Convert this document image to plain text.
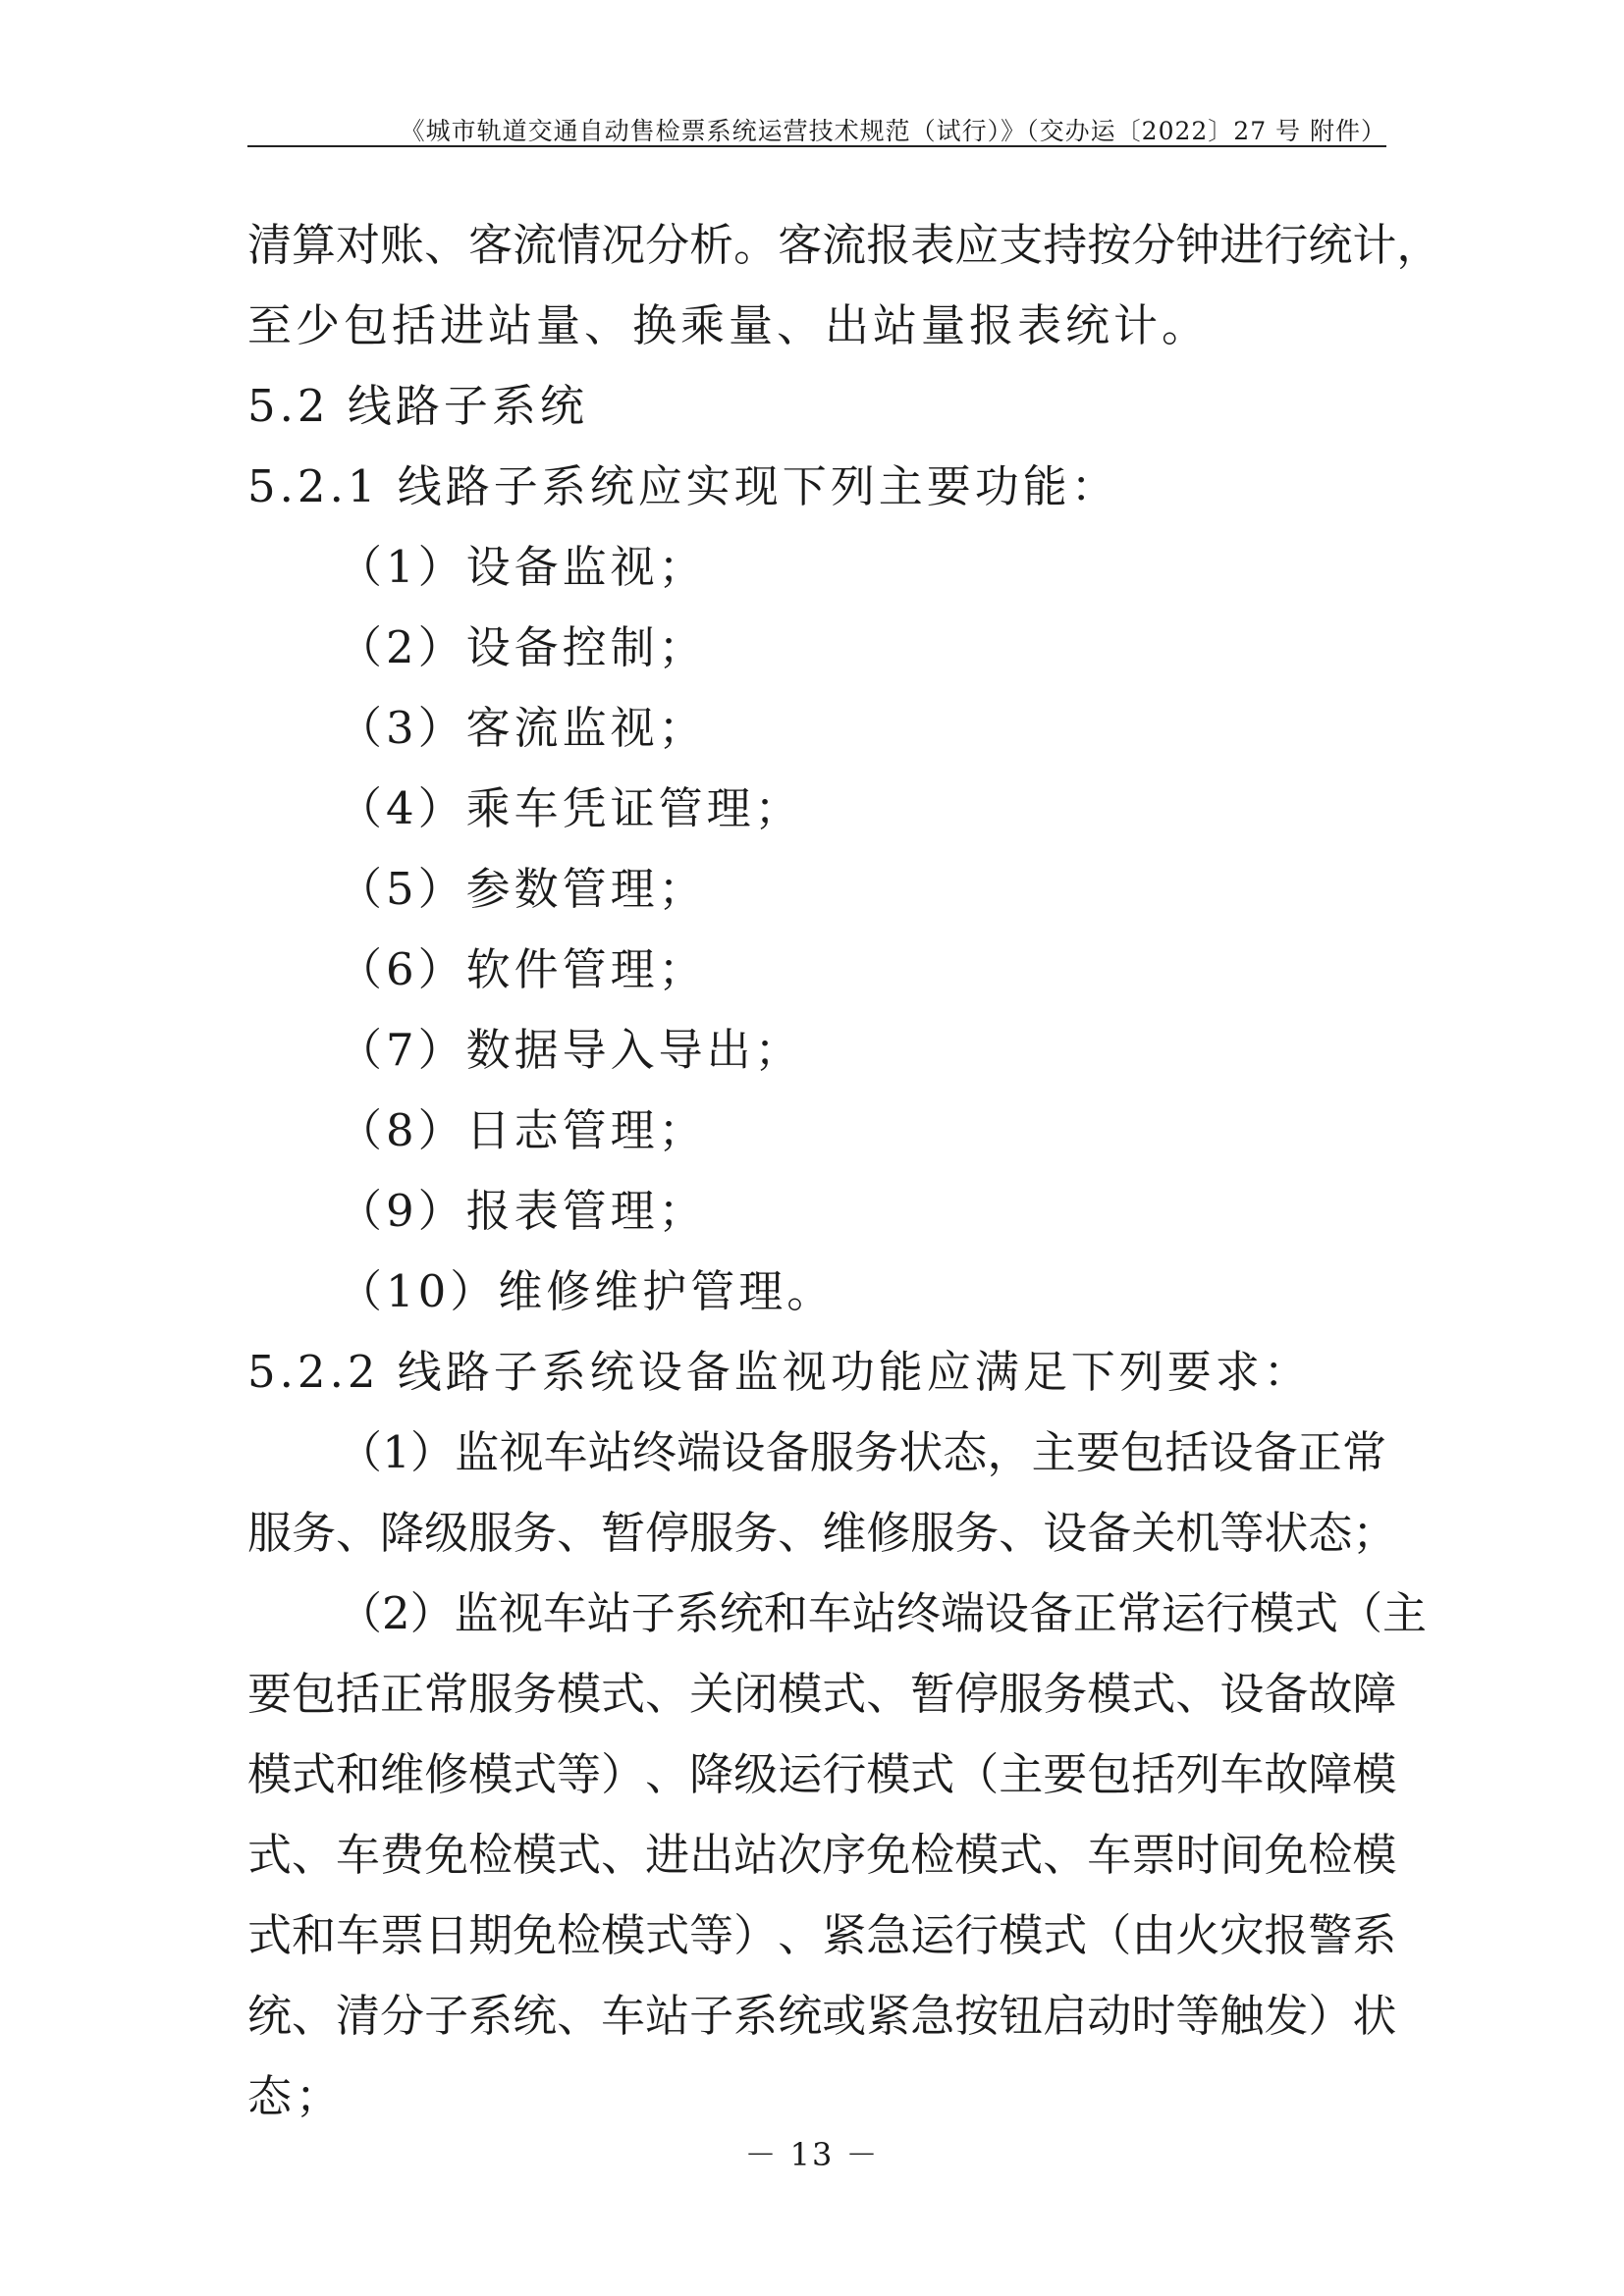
《城市轨道交通自动售检票系统运营技术规范（试行）》（交办运〔2022〕27 号 附件）
清 算 对 账 、 客 流 情 况 分 析 。 客 流 报 表 应 支 持 按 分 钟 进 行 统 计 ，
至少包括进站量、换乘量、出站量报表统计。
5.2 线路子系统
5.2.1 线路子系统应实现下列主要功能：
（1）设备监视；
（2）设备控制；
（3）客流监视；
（4）乘车凭证管理；
（5）参数管理；
（6）软件管理；
（7）数据导入导出；
（8）日志管理；
（9）报表管理；
（10）维修维护管理。
5.2.2 线路子系统设备监视功能应满足下列要求：
（ 1 ） 监 视 车 站 终 端 设 备 服 务 状 态 ， 主 要 包 括 设 备 正 常
服 务 、 降 级 服 务 、 暂 停 服 务 、 维 修 服 务 、 设 备 关 机 等 状 态 ；
（ 2 ） 监 视 车 站 子 系 统 和 车 站 终 端 设 备 正 常 运 行 模 式 （ 主
要 包 括 正 常 服 务 模 式 、 关 闭 模 式 、 暂 停 服 务 模 式 、 设 备 故 障
模 式 和 维 修 模 式 等 ） 、 降 级 运 行 模 式 （ 主 要 包 括 列 车 故 障 模
式 、 车 费 免 检 模 式 、 进 出 站 次 序 免 检 模 式 、 车 票 时 间 免 检 模
式 和 车 票 日 期 免 检 模 式 等 ） 、 紧 急 运 行 模 式 （ 由 火 灾 报 警 系
统 、 清 分 子 系 统 、 车 站 子 系 统 或 紧 急 按 钮 启 动 时 等 触 发 ） 状
态；
－ 13 －
